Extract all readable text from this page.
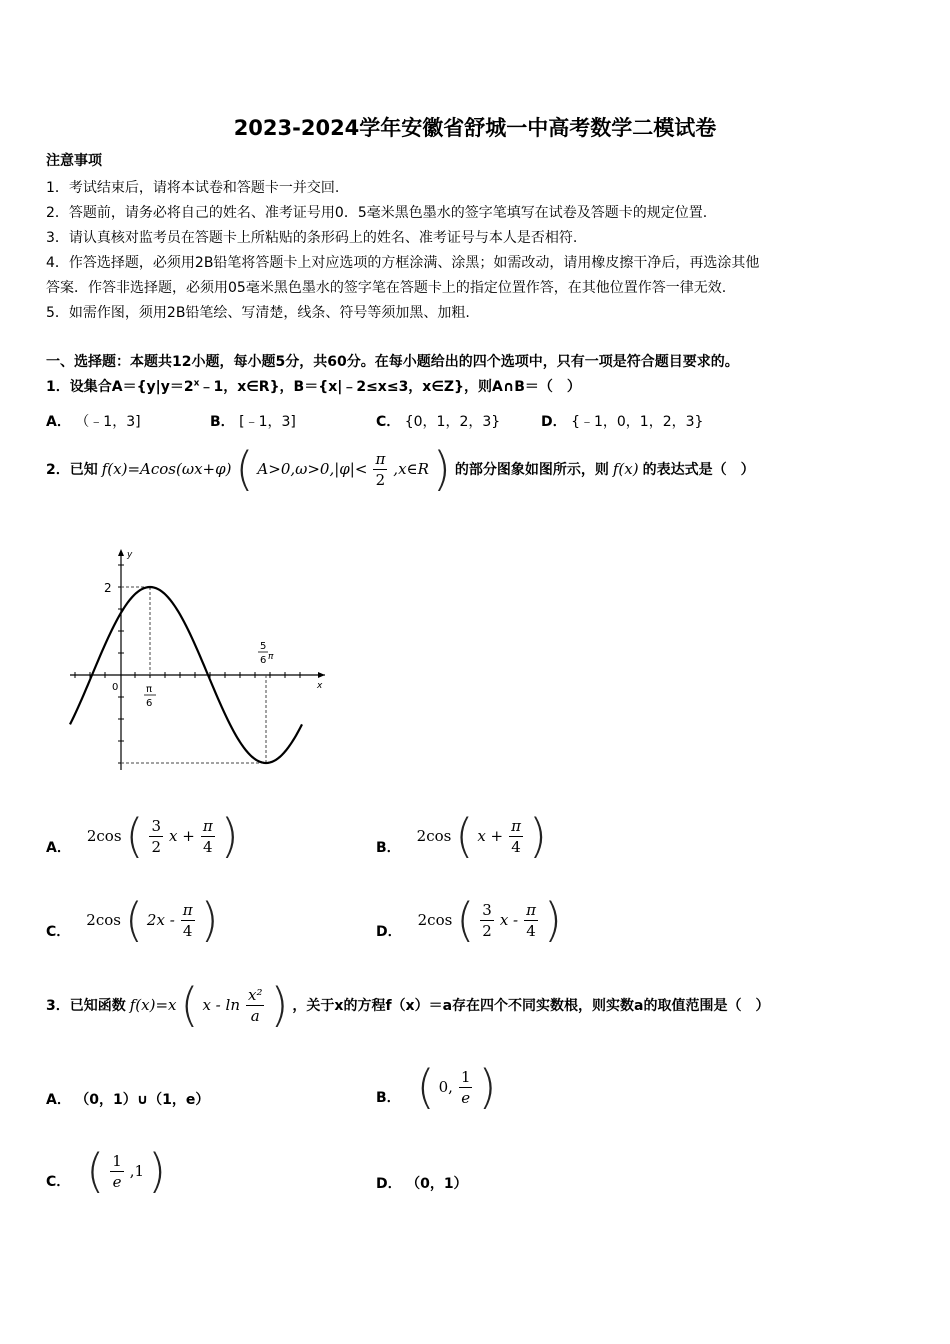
2023-2024学年安徽省舒城一中高考数学二模试卷
注意事项
1．考试结束后，请将本试卷和答题卡一并交回.
2．答题前，请务必将自己的姓名、准考证号用0．5毫米黑色墨水的签字笔填写在试卷及答题卡的规定位置.
3．请认真核对监考员在答题卡上所粘贴的条形码上的姓名、准考证号与本人是否相符.
4．作答选择题，必须用2B铅笔将答题卡上对应选项的方框涂满、涂黑；如需改动，请用橡皮擦干净后，再选涂其他
答案．作答非选择题，必须用05毫米黑色墨水的签字笔在答题卡上的指定位置作答，在其他位置作答一律无效.
5．如需作图，须用2B铅笔绘、写清楚，线条、符号等须加黑、加粗.
一、选择题：本题共12小题，每小题5分，共60分。在每小题给出的四个选项中，只有一项是符合题目要求的。
1．设集合$A=\{y|y=2^x﹣1$，x∈R}，B＝{x|﹣2≤x≤3，x∈Z}，则A∩B＝（　）
A． （﹣1，3]	B． [﹣1，3]	C． {0，1，2，3}	D． {﹣1，0，1，2，3}
2．已知 f(x)=Acos(ωx+φ) ( $A>0,\omega>0,|\varphi|< \frac{\pi}{2}$ ,x∈R ) 的部分图象如图所示，则 f(x) 的表达式是（　）
y
x
0
2
π
6
5
6 π
A．
2cos ( $\frac{3}{2}$ $x + \frac{\pi}{4}$ )	B．
2cos ( $x + \frac{\pi}{4}$ )
C．
2cos ( $2x - \frac{\pi}{4}$ )	D．
2cos ( $\frac{3}{2}$ x - $\frac{\pi}{4}$ )
3．已知函数 f(x)=x ( x - $\ln \frac{\text{x²}}{a}$ ) ，关于x的方程f（x）＝a存在四个不同实数根，则实数a的取值范围是（　）
A． （0，1）∪（1，e）	B． ( 0, $\frac{1}{e}$ )
C． ( $\frac{1}{e} ,1$ )	D． （0，1）
